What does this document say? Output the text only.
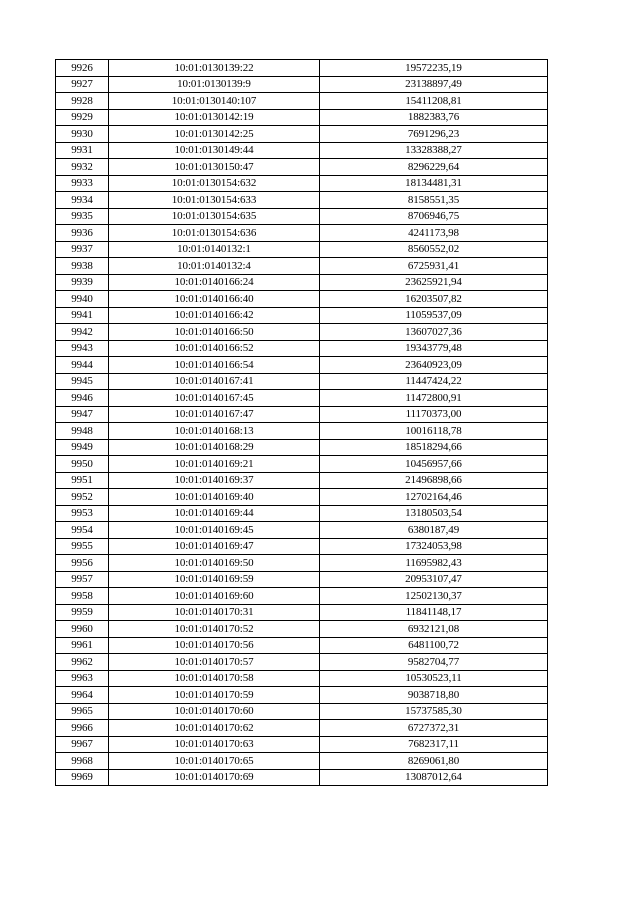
9926	10:01:0130139:22	19572235,19
9927	10:01:0130139:9	23138897,49
9928	10:01:0130140:107	15411208,81
9929	10:01:0130142:19	1882383,76
9930	10:01:0130142:25	7691296,23
9931	10:01:0130149:44	13328388,27
9932	10:01:0130150:47	8296229,64
9933	10:01:0130154:632	18134481,31
9934	10:01:0130154:633	8158551,35
9935	10:01:0130154:635	8706946,75
9936	10:01:0130154:636	4241173,98
9937	10:01:0140132:1	8560552,02
9938	10:01:0140132:4	6725931,41
9939	10:01:0140166:24	23625921,94
9940	10:01:0140166:40	16203507,82
9941	10:01:0140166:42	11059537,09
9942	10:01:0140166:50	13607027,36
9943	10:01:0140166:52	19343779,48
9944	10:01:0140166:54	23640923,09
9945	10:01:0140167:41	11447424,22
9946	10:01:0140167:45	11472800,91
9947	10:01:0140167:47	11170373,00
9948	10:01:0140168:13	10016118,78
9949	10:01:0140168:29	18518294,66
9950	10:01:0140169:21	10456957,66
9951	10:01:0140169:37	21496898,66
9952	10:01:0140169:40	12702164,46
9953	10:01:0140169:44	13180503,54
9954	10:01:0140169:45	6380187,49
9955	10:01:0140169:47	17324053,98
9956	10:01:0140169:50	11695982,43
9957	10:01:0140169:59	20953107,47
9958	10:01:0140169:60	12502130,37
9959	10:01:0140170:31	11841148,17
9960	10:01:0140170:52	6932121,08
9961	10:01:0140170:56	6481100,72
9962	10:01:0140170:57	9582704,77
9963	10:01:0140170:58	10530523,11
9964	10:01:0140170:59	9038718,80
9965	10:01:0140170:60	15737585,30
9966	10:01:0140170:62	6727372,31
9967	10:01:0140170:63	7682317,11
9968	10:01:0140170:65	8269061,80
9969	10:01:0140170:69	13087012,64
